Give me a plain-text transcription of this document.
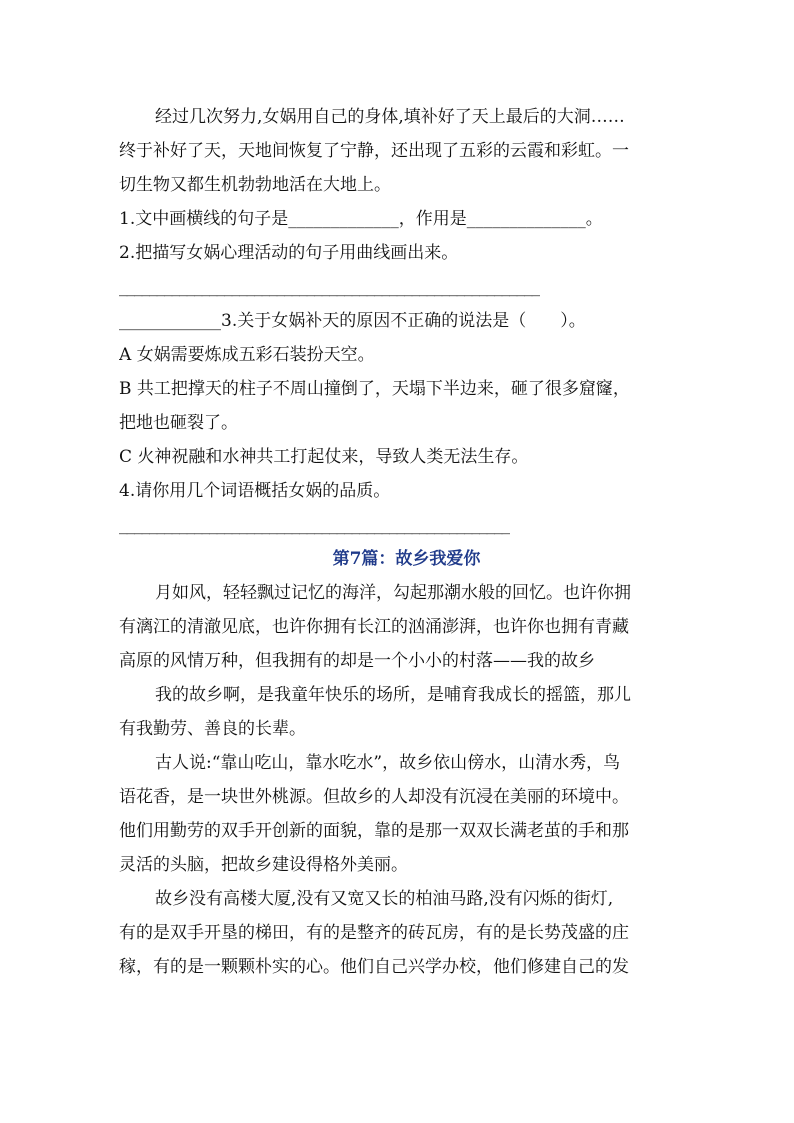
经过几次努力,女娲用自己的身体,填补好了天上最后的大洞……
终于补好了天，天地间恢复了宁静，还出现了五彩的云霞和彩虹。一
切生物又都生机勃勃地活在大地上。
1.文中画横线的句子是_____________，作用是______________。
2.把描写女娲心理活动的句子用曲线画出来。
________________________________________________________
____________3.关于女娲补天的原因不正确的说法是（　　）。
A 女娲需要炼成五彩石装扮天空。
B 共工把撑天的柱子不周山撞倒了，天塌下半边来，砸了很多窟窿，
把地也砸裂了。
C 火神祝融和水神共工打起仗来，导致人类无法生存。
4.请你用几个词语概括女娲的品质。
____________________________________________________
第7篇：故乡我爱你
月如风，轻轻飘过记忆的海洋，勾起那潮水般的回忆。也许你拥
有漓江的清澈见底，也许你拥有长江的汹涌澎湃，也许你也拥有青藏
高原的风情万种，但我拥有的却是一个小小的村落——我的故乡
我的故乡啊，是我童年快乐的场所，是哺育我成长的摇篮，那儿
有我勤劳、善良的长辈。
古人说:“靠山吃山，靠水吃水”，故乡依山傍水，山清水秀，鸟
语花香，是一块世外桃源。但故乡的人却没有沉浸在美丽的环境中。
他们用勤劳的双手开创新的面貌，靠的是那一双双长满老茧的手和那
灵活的头脑，把故乡建设得格外美丽。
故乡没有高楼大厦,没有又宽又长的柏油马路,没有闪烁的街灯,
有的是双手开垦的梯田，有的是整齐的砖瓦房，有的是长势茂盛的庄
稼，有的是一颗颗朴实的心。他们自己兴学办校，他们修建自己的发
